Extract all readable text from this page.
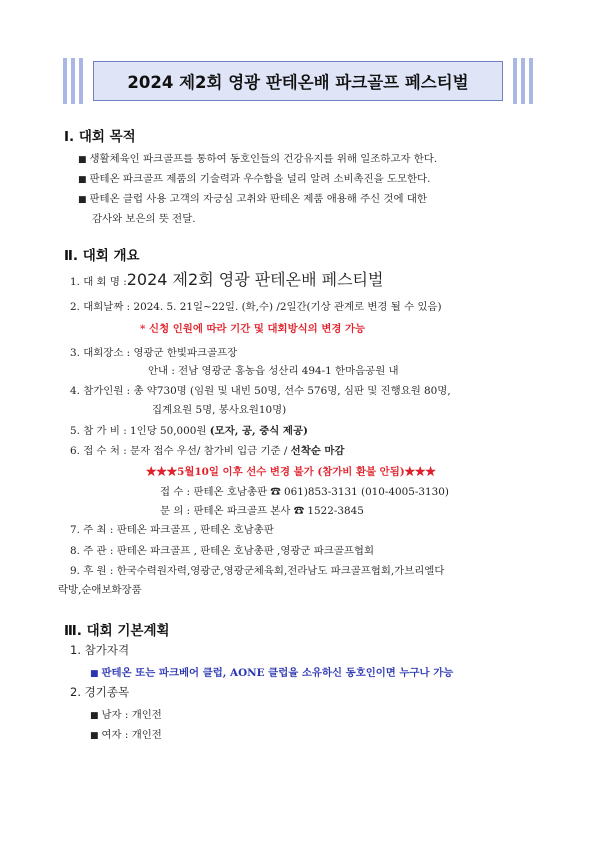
2024 제2회 영광 판테온배 파크골프 페스티벌
Ⅰ. 대회 목적
■ 생활체육인 파크골프를 통하여 동호인들의 건강유지를 위해 일조하고자 한다.
■ 판테온 파크골프 제품의 기술력과 우수함을 널리 알려 소비촉진을 도모한다.
■ 판테온 클럽 사용 고객의 자긍심 고취와 판테온 제품 애용해 주신 것에 대한
감사와 보은의 뜻 전달.
Ⅱ. 대회 개요
1. 대 회 명 :2024 제2회 영광 판테온배 페스티벌
2. 대회날짜 : 2024. 5. 21일~22일. (화,수) /2일간(기상 관계로 변경 될 수 있음)
* 신청 인원에 따라 기간 및 대회방식의 변경 가능
3. 대회장소 : 영광군 한빛파크골프장
안내 : 전남 영광군 홍농읍 성산리 494-1 한마음공원 내
4. 참가인원 : 총 약730명 (임원 및 내빈 50명, 선수 576명, 심판 및 진행요원 80명,
집계요원 5명, 봉사요원10명)
5. 참 가 비 : 1인당 50,000원 (모자, 공, 중식 제공)
6. 접 수 처 : 문자 접수 우선/ 참가비 입금 기준 / 선착순 마감
★★★5월10일 이후 선수 변경 불가 (참가비 환불 안됨)★★★
접 수 : 판테온 호남총판 ☎ 061)853-3131 (010-4005-3130)
문 의 : 판테온 파크골프 본사 ☎ 1522-3845
7. 주 최 : 판테온 파크골프 , 판테온 호남총판
8. 주 관 : 판테온 파크골프 , 판테온 호남총판 ,영광군 파크골프협회
9. 후 원 : 한국수력원자력,영광군,영광군체육회,전라남도 파크골프협회,가브리엘다
락방,순애보화장품
Ⅲ. 대회 기본계획
1. 참가자격
■ 판테온 또는 파크베어 클럽, AONE 클럽을 소유하신 동호인이면 누구나 가능
2. 경기종목
■ 남자 : 개인전
■ 여자 : 개인전
